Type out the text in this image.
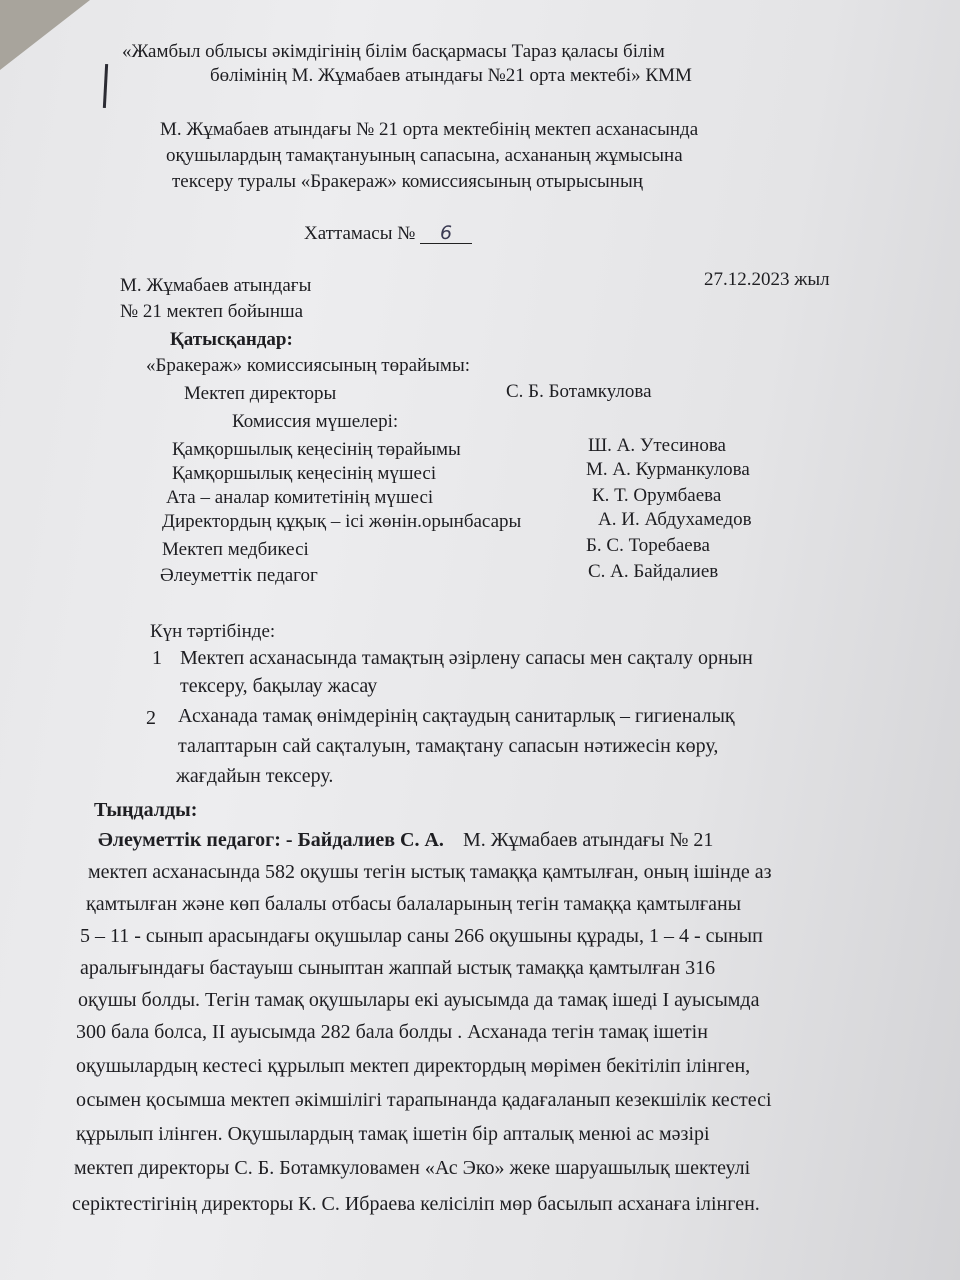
«Жамбыл облысы әкімдігінің білім басқармасы Тараз қаласы білім
бөлімінің М. Жұмабаев атындағы №21 орта мектебі» КММ
М. Жұмабаев атындағы № 21 орта мектебінің мектеп асханасында
оқушылардың тамақтануының сапасына, асхананың жұмысына
тексеру туралы «Бракераж» комиссиясының отырысының
Хаттамасы № 6
М. Жұмабаев атындағы
№ 21 мектеп бойынша
27.12.2023 жыл
Қатысқандар:
«Бракераж» комиссиясының төрайымы:
Мектеп директоры	С. Б. Ботамкулова
Комиссия мүшелері:
Қамқоршылық кеңесінің төрайымы	Ш. А. Утесинова
Қамқоршылық кеңесінің мүшесі	М. А. Курманкулова
Ата – аналар комитетінің мүшесі	К. Т. Орумбаева
Директордың құқық – ісі жөнін.орынбасары	А. И. Абдухамедов
Мектеп медбикесі	Б. С. Торебаева
Әлеуметтік педагог	С. А. Байдалиев
Күн тәртібінде:
1 Мектеп асханасында тамақтың әзірлену сапасы мен сақталу орнын
тексеру, бақылау жасау
2 Асханада тамақ өнімдерінің сақтаудың санитарлық – гигиеналық
талаптарын сай сақталуын, тамақтану сапасын нәтижесін көру,
жағдайын тексеру.
Тыңдалды:
Әлеуметтік педагог: - Байдалиев С. А. М. Жұмабаев атындағы № 21
мектеп асханасында 582 оқушы тегін ыстық тамаққа қамтылған, оның ішінде аз
қамтылған және көп балалы отбасы балаларының тегін тамаққа қамтылғаны
5 – 11 - сынып арасындағы оқушылар саны 266 оқушыны құрады, 1 – 4 - сынып
аралығындағы бастауыш сыныптан жаппай ыстық тамаққа қамтылған 316
оқушы болды. Тегін тамақ оқушылары екі ауысымда да тамақ ішеді I ауысымда
300 бала болса, II ауысымда 282 бала болды . Асханада тегін тамақ ішетін
оқушылардың кестесі құрылып мектеп директордың мөрімен бекітіліп ілінген,
осымен қосымша мектеп әкімшілігі тарапынанда қадағаланып кезекшілік кестесі
құрылып ілінген. Оқушылардың тамақ ішетін бір апталық менюі ас мәзірі
мектеп директоры С. Б. Ботамкуловамен «Ас Эко» жеке шаруашылық шектеулі
серіктестігінің директоры К. С. Ибраева келісіліп мөр басылып асханаға ілінген.
